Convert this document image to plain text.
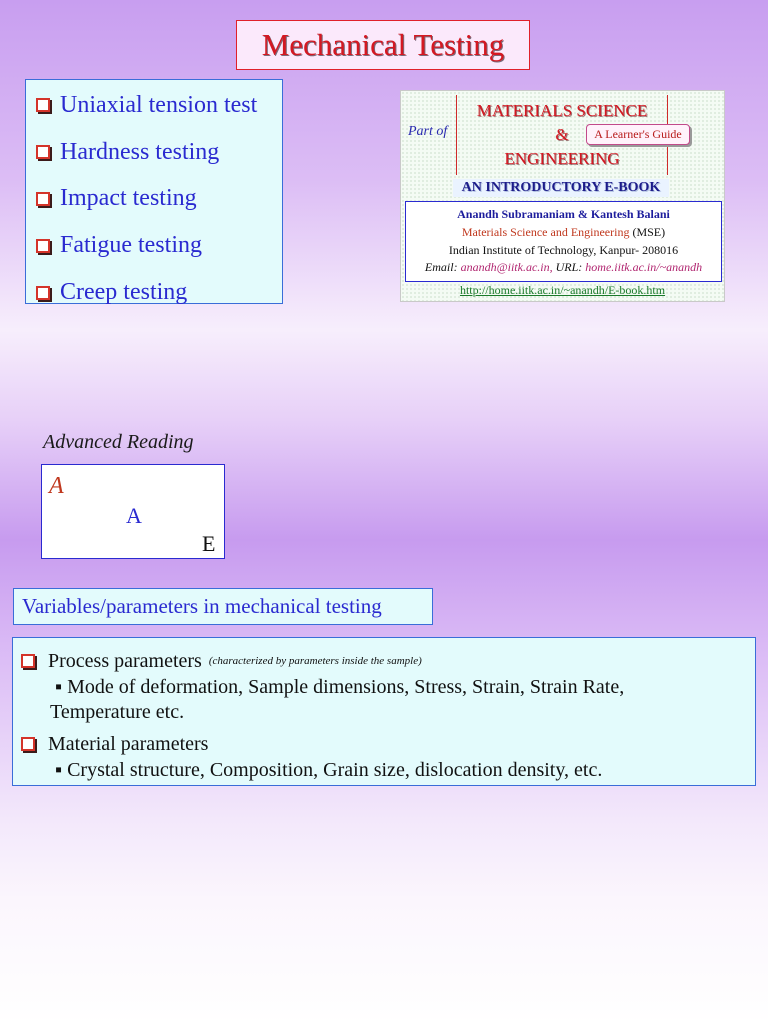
Mechanical Testing
Uniaxial tension test
Hardness testing
Impact testing
Fatigue testing
Creep testing
Part of
MATERIALS SCIENCE
&
ENGINEERING
A Learner's Guide
AN INTRODUCTORY E-BOOK
Anandh Subramaniam & Kantesh Balani
Materials Science and Engineering (MSE)
Indian Institute of Technology, Kanpur- 208016
Email: anandh@iitk.ac.in, URL: home.iitk.ac.in/~anandh
http://home.iitk.ac.in/~anandh/E-book.htm
Advanced Reading
A
A
E
Variables/parameters in mechanical testing
Process parameters (characterized by parameters inside the sample)
▪ Mode of deformation, Sample dimensions, Stress, Strain, Strain Rate,
Temperature etc.
Material parameters
▪ Crystal structure, Composition, Grain size, dislocation density, etc.
